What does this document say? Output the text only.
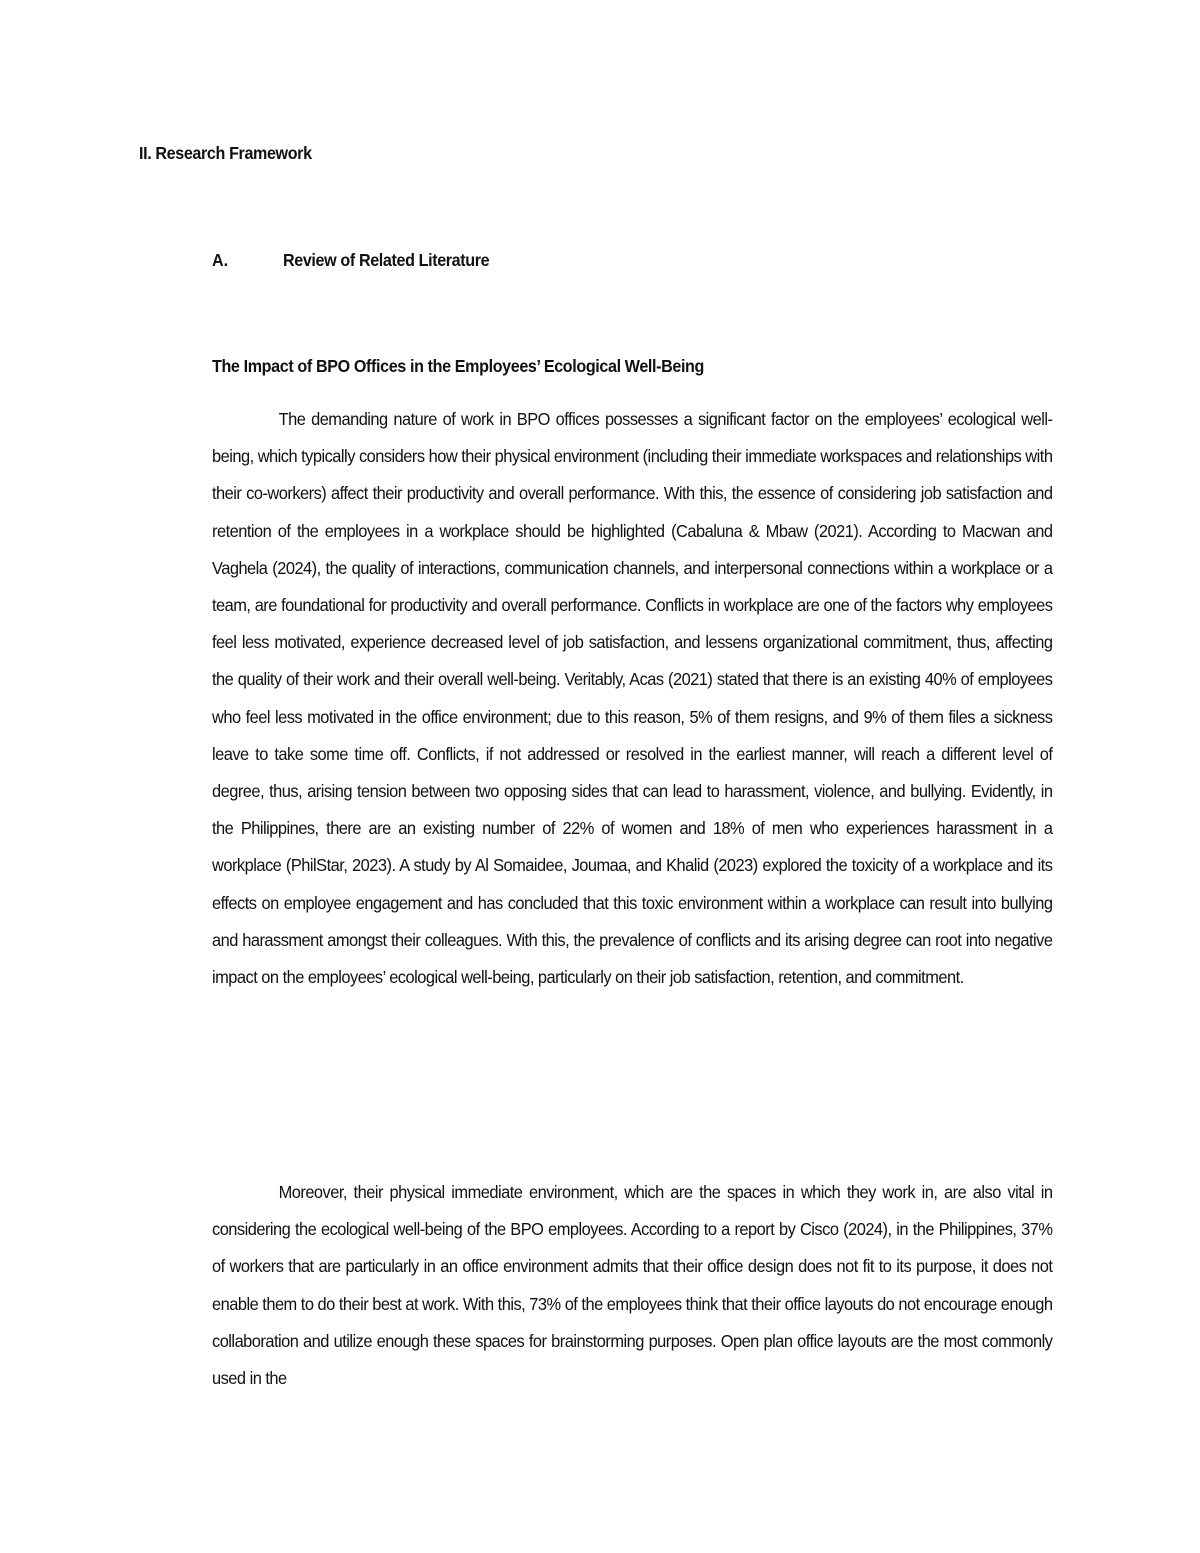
II. Research Framework
A.	Review of Related Literature
The Impact of BPO Offices in the Employees’ Ecological Well-Being

The demanding nature of work in BPO offices possesses a significant factor on the employees’ ecological well-being, which typically considers how their physical environment (including their immediate workspaces and relationships with their co-workers) affect their productivity and overall performance. With this, the essence of considering job satisfaction and retention of the employees in a workplace should be highlighted (Cabaluna & Mbaw (2021). According to Macwan and Vaghela (2024), the quality of interactions, communication channels, and interpersonal connections within a workplace or a team, are foundational for productivity and overall performance. Conflicts in workplace are one of the factors why employees feel less motivated, experience decreased level of job satisfaction, and lessens organizational commitment, thus, affecting the quality of their work and their overall well-being. Veritably, Acas (2021) stated that there is an existing 40% of employees who feel less motivated in the office environment; due to this reason, 5% of them resigns, and 9% of them files a sickness leave to take some time off. Conflicts, if not addressed or resolved in the earliest manner, will reach a different level of degree, thus, arising tension between two opposing sides that can lead to harassment, violence, and bullying. Evidently, in the Philippines, there are an existing number of 22% of women and 18% of men who experiences harassment in a workplace (PhilStar, 2023). A study by Al Somaidee, Joumaa, and Khalid (2023) explored the toxicity of a workplace and its effects on employee engagement and has concluded that this toxic environment within a workplace can result into bullying and harassment amongst their colleagues. With this, the prevalence of conflicts and its arising degree can root into negative impact on the employees’ ecological well-being, particularly on their job satisfaction, retention, and commitment.

Moreover, their physical immediate environment, which are the spaces in which they work in, are also vital in considering the ecological well-being of the BPO employees. According to a report by Cisco (2024), in the Philippines, 37% of workers that are particularly in an office environment admits that their office design does not fit to its purpose, it does not enable them to do their best at work. With this, 73% of the employees think that their office layouts do not encourage enough collaboration and utilize enough these spaces for brainstorming purposes. Open plan office layouts are the most commonly used in the
